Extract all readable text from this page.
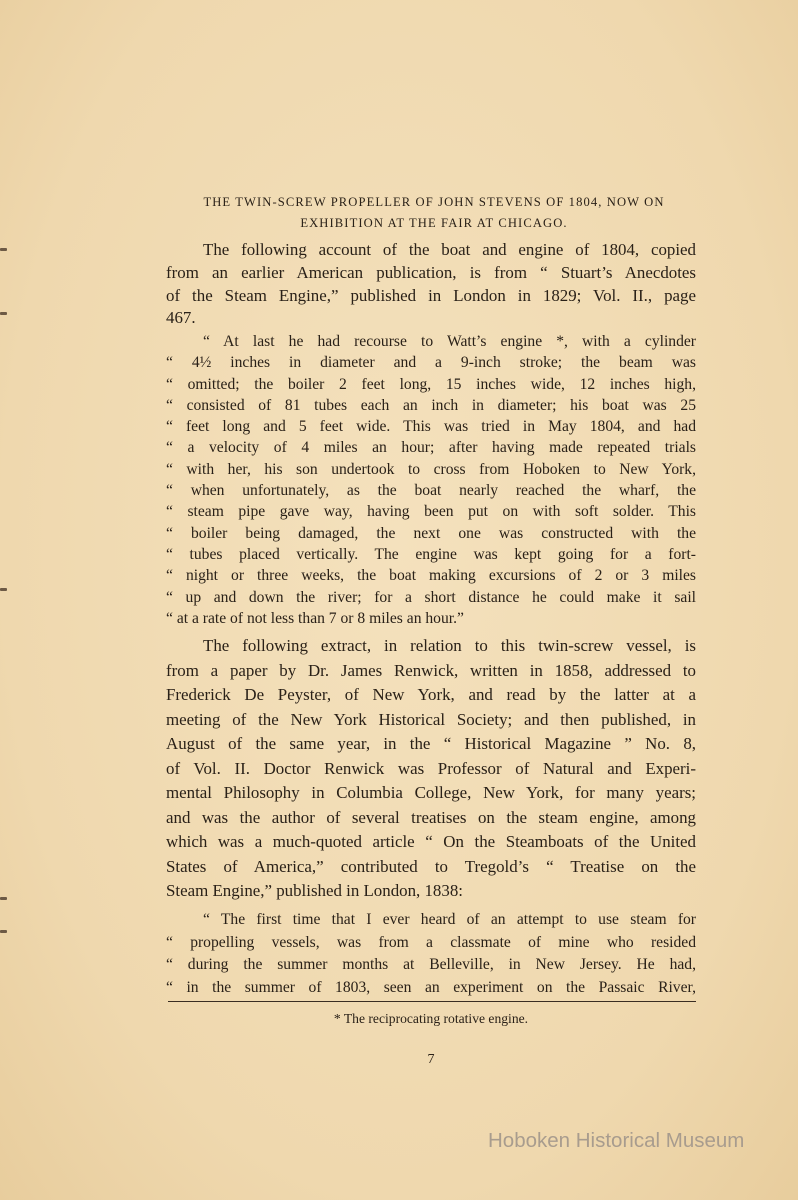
THE TWIN-SCREW PROPELLER OF JOHN STEVENS OF 1804, NOW ON
EXHIBITION AT THE FAIR AT CHICAGO.
The following account of the boat and engine of 1804, copied
from an earlier American publication, is from “ Stuart’s Anecdotes
of the Steam Engine,” published in London in 1829; Vol. II., page
467.
“ At last he had recourse to Watt’s engine *, with a cylinder
“ 4½ inches in diameter and a 9-inch stroke; the beam was
“ omitted; the boiler 2 feet long, 15 inches wide, 12 inches high,
“ consisted of 81 tubes each an inch in diameter; his boat was 25
“ feet long and 5 feet wide. This was tried in May 1804, and had
“ a velocity of 4 miles an hour; after having made repeated trials
“ with her, his son undertook to cross from Hoboken to New York,
“ when unfortunately, as the boat nearly reached the wharf, the
“ steam pipe gave way, having been put on with soft solder. This
“ boiler being damaged, the next one was constructed with the
“ tubes placed vertically. The engine was kept going for a fort-
“ night or three weeks, the boat making excursions of 2 or 3 miles
“ up and down the river; for a short distance he could make it sail
“ at a rate of not less than 7 or 8 miles an hour.”
The following extract, in relation to this twin-screw vessel, is
from a paper by Dr. James Renwick, written in 1858, addressed to
Frederick De Peyster, of New York, and read by the latter at a
meeting of the New York Historical Society; and then published, in
August of the same year, in the “ Historical Magazine ” No. 8,
of Vol. II. Doctor Renwick was Professor of Natural and Experi-
mental Philosophy in Columbia College, New York, for many years;
and was the author of several treatises on the steam engine, among
which was a much-quoted article “ On the Steamboats of the United
States of America,” contributed to Tregold’s “ Treatise on the
Steam Engine,” published in London, 1838:
“ The first time that I ever heard of an attempt to use steam for
“ propelling vessels, was from a classmate of mine who resided
“ during the summer months at Belleville, in New Jersey. He had,
“ in the summer of 1803, seen an experiment on the Passaic River,
* The reciprocating rotative engine.
7
Hoboken Historical Museum
